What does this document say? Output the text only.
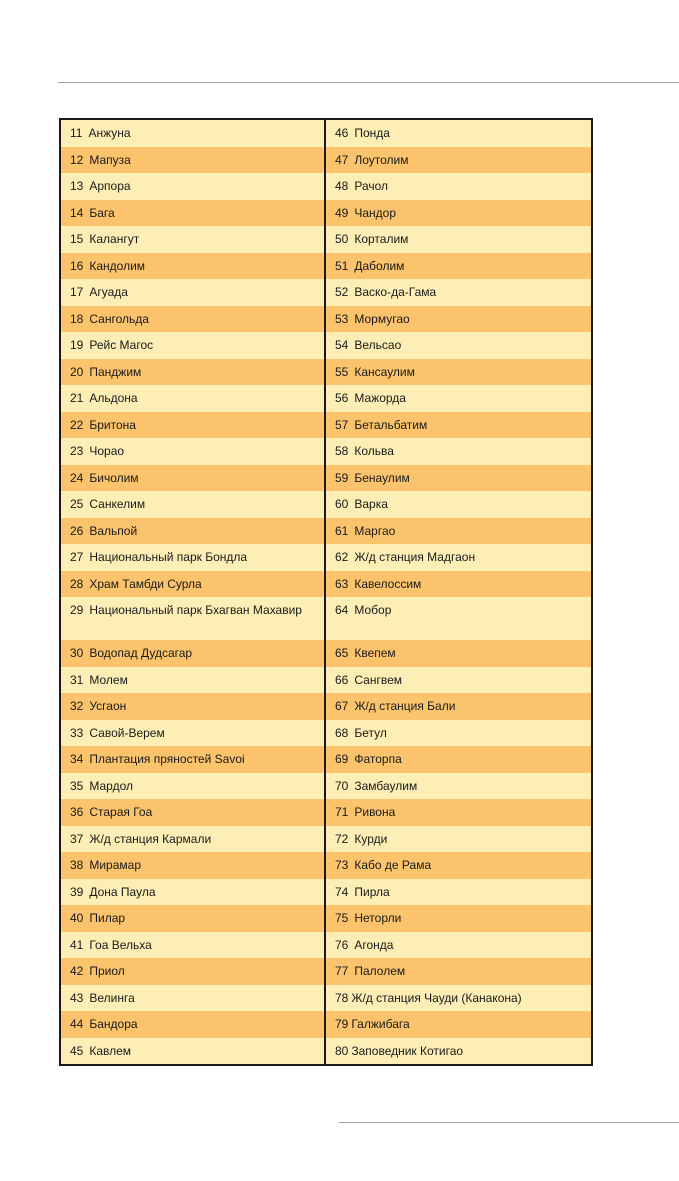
11 Анжуна	46 Понда
12 Мапуза	47 Лоутолим
13 Арпора	48 Рачол
14 Бага	49 Чандор
15 Калангут	50 Корталим
16 Кандолим	51 Даболим
17 Агуада	52 Васко-да-Гама
18 Сангольда	53 Мормугао
19 Рейс Магос	54 Вельсао
20 Панджим	55 Кансаулим
21 Альдона	56 Мажорда
22 Бритона	57 Бетальбатим
23 Чорао	58 Кольва
24 Бичолим	59 Бенаулим
25 Санкелим	60 Варка
26 Вальпой	61 Маргао
27 Национальный парк Бондла	62 Ж/д станция Мадгаон
28 Храм Тамбди Сурла	63 Кавелоссим
29 Национальный парк Бхагван Махавир	64 Мобор
30 Водопад Дудсагар	65 Квепем
31 Молем	66 Сангвем
32 Усгаон	67 Ж/д станция Бали
33 Савой-Верем	68 Бетул
34 Плантация пряностей Savoi	69 Фаторпа
35 Мардол	70 Замбаулим
36 Старая Гоа	71 Ривона
37 Ж/д станция Кармали	72 Курди
38 Мирамар	73 Кабо де Рама
39 Дона Паула	74 Пирла
40 Пилар	75 Неторли
41 Гоа Вельха	76 Агонда
42 Приол	77 Палолем
43 Велинга	78 Ж/д станция Чауди (Канакона)
44 Бандора	79 Галжибага
45 Кавлем	80 Заповедник Котигао
